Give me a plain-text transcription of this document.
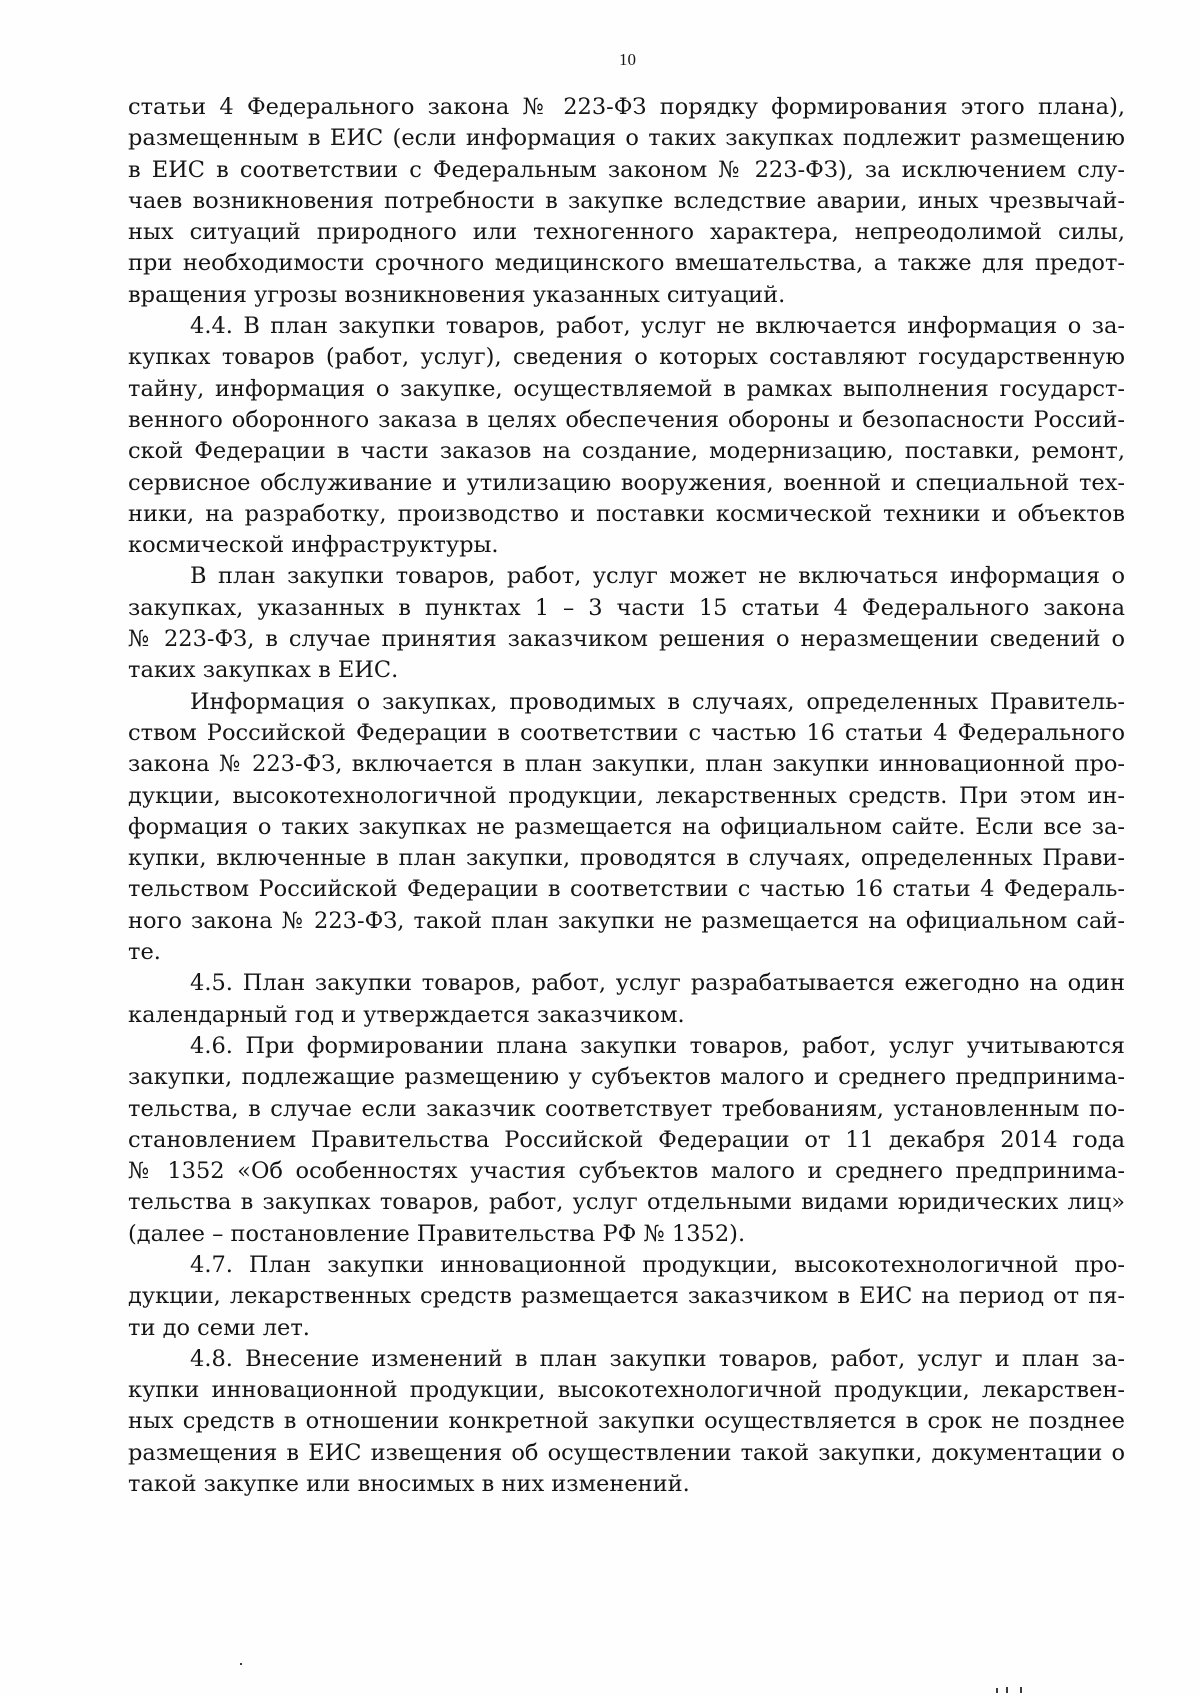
10
статьи 4 Федерального закона № 223-ФЗ порядку формирования этого плана),
размещенным в ЕИС (если информация о таких закупках подлежит размещению
в ЕИС в соответствии с Федеральным законом № 223-ФЗ), за исключением слу-
чаев возникновения потребности в закупке вследствие аварии, иных чрезвычай-
ных ситуаций природного или техногенного характера, непреодолимой силы,
при необходимости срочного медицинского вмешательства, а также для предот-
вращения угрозы возникновения указанных ситуаций.
4.4. В план закупки товаров, работ, услуг не включается информация о за-
купках товаров (работ, услуг), сведения о которых составляют государственную
тайну, информация о закупке, осуществляемой в рамках выполнения государст-
венного оборонного заказа в целях обеспечения обороны и безопасности Россий-
ской Федерации в части заказов на создание, модернизацию, поставки, ремонт,
сервисное обслуживание и утилизацию вооружения, военной и специальной тех-
ники, на разработку, производство и поставки космической техники и объектов
космической инфраструктуры.
В план закупки товаров, работ, услуг может не включаться информация о
закупках, указанных в пунктах 1 – 3 части 15 статьи 4 Федерального закона
№ 223-ФЗ, в случае принятия заказчиком решения о неразмещении сведений о
таких закупках в ЕИС.
Информация о закупках, проводимых в случаях, определенных Правитель-
ством Российской Федерации в соответствии с частью 16 статьи 4 Федерального
закона № 223-ФЗ, включается в план закупки, план закупки инновационной про-
дукции, высокотехнологичной продукции, лекарственных средств. При этом ин-
формация о таких закупках не размещается на официальном сайте. Если все за-
купки, включенные в план закупки, проводятся в случаях, определенных Прави-
тельством Российской Федерации в соответствии с частью 16 статьи 4 Федераль-
ного закона № 223-ФЗ, такой план закупки не размещается на официальном сай-
те.
4.5. План закупки товаров, работ, услуг разрабатывается ежегодно на один
календарный год и утверждается заказчиком.
4.6. При формировании плана закупки товаров, работ, услуг учитываются
закупки, подлежащие размещению у субъектов малого и среднего предпринима-
тельства, в случае если заказчик соответствует требованиям, установленным по-
становлением Правительства Российской Федерации от 11 декабря 2014 года
№ 1352 «Об особенностях участия субъектов малого и среднего предпринима-
тельства в закупках товаров, работ, услуг отдельными видами юридических лиц»
(далее – постановление Правительства РФ № 1352).
4.7. План закупки инновационной продукции, высокотехнологичной про-
дукции, лекарственных средств размещается заказчиком в ЕИС на период от пя-
ти до семи лет.
4.8. Внесение изменений в план закупки товаров, работ, услуг и план за-
купки инновационной продукции, высокотехнологичной продукции, лекарствен-
ных средств в отношении конкретной закупки осуществляется в срок не позднее
размещения в ЕИС извещения об осуществлении такой закупки, документации о
такой закупке или вносимых в них изменений.
